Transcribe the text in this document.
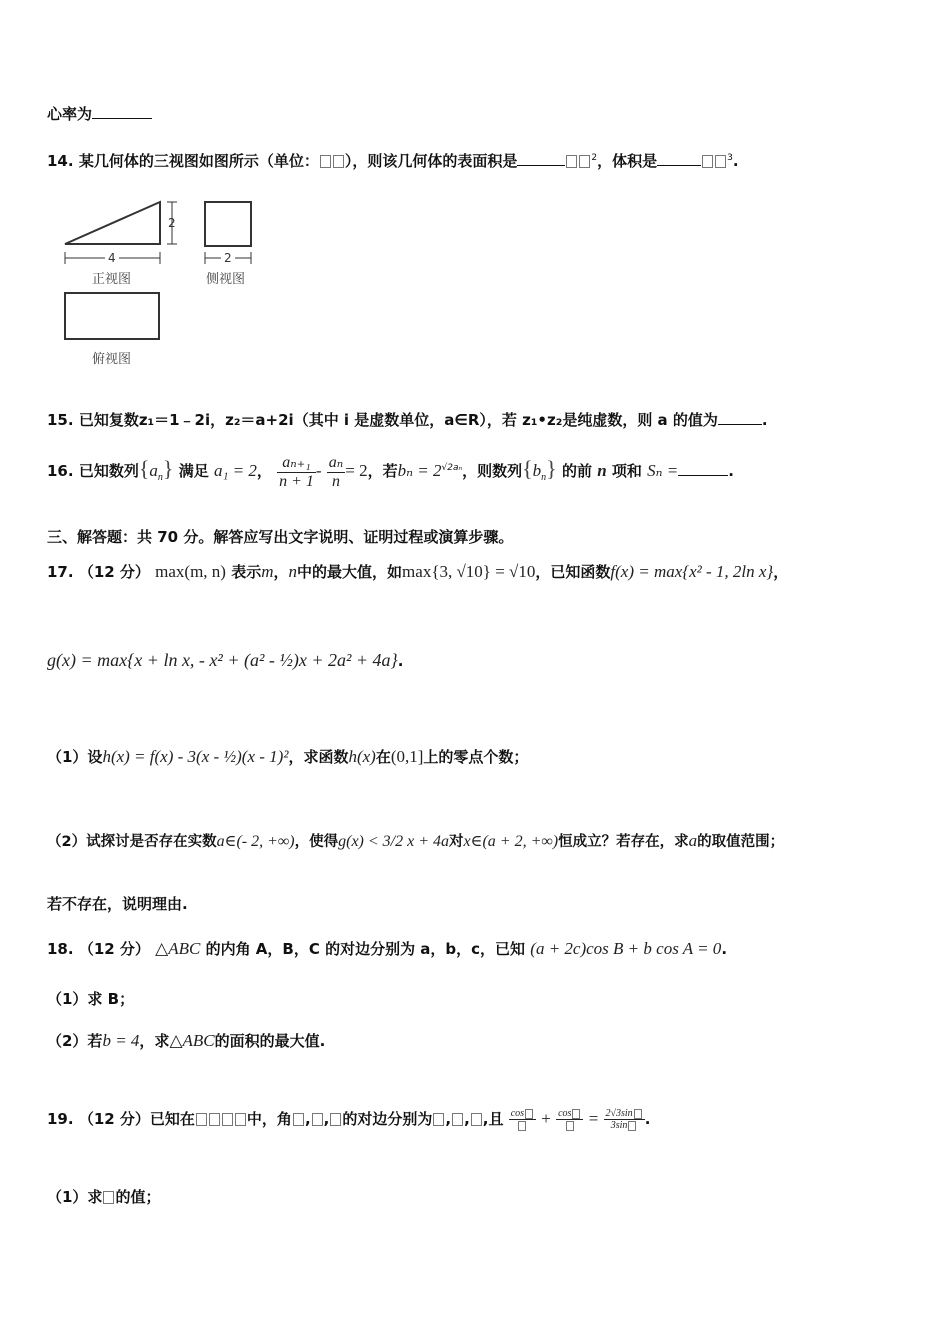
心率为
14. 某几何体的三视图如图所示（单位： ），则该几何体的表面积是	$^2$，体积是	$^3$.
2
4
正视图
2
侧视图
俯视图
15. 已知复数z₁＝1﹣2i，z₂＝a+2i（其中 i 是虚数单位，a∈R），若 z₁•z₂是纯虚数，则 a 的值为	.
16. 已知数列$\{a_n\}$ 满足 a₁ = 2， $\frac{\text{aₙ₊₁}}{n + 1} - \frac{\text{aₙ}}{n} = 2$，若$b_n = 2^{√2a_n}$，则数列$\{b_n\}$ 的前 n 项和 Sₙ =	.
三、解答题：共 70 分。解答应写出文字说明、证明过程或演算步骤。
17. （12 分） max(m, n) 表示m，n中的最大值，如max{3, √10} = √10，已知函数f(x) = max{x² - 1, 2ln x}，
g(x) = max{x + ln x, - x² + (a² - ½)x + 2a² + 4a}.
（1）设h(x) = f(x) - 3(x - ½)(x - 1)²，求函数h(x)在(0,1]上的零点个数；
（2）试探讨是否存在实数a∈(- 2, +∞)，使得g(x) < 3/2 x + 4a对x∈(a + 2, +∞)恒成立？若存在，求a的取值范围；
若不存在，说明理由.
18. （12 分） △ABC 的内角 A，B，C 的对边分别为 a，b，c，已知 (a + 2c)cos B + b cos A = 0.
（1）求 B；
（2）若b = 4，求△ABC的面积的最大值.
19. （12 分）已知在	中，角 , , 的对边分别为 , , ,且 cos	+ cos	= $\frac{2√3\sin}{3\sin}$ .
（1）求 的值；
